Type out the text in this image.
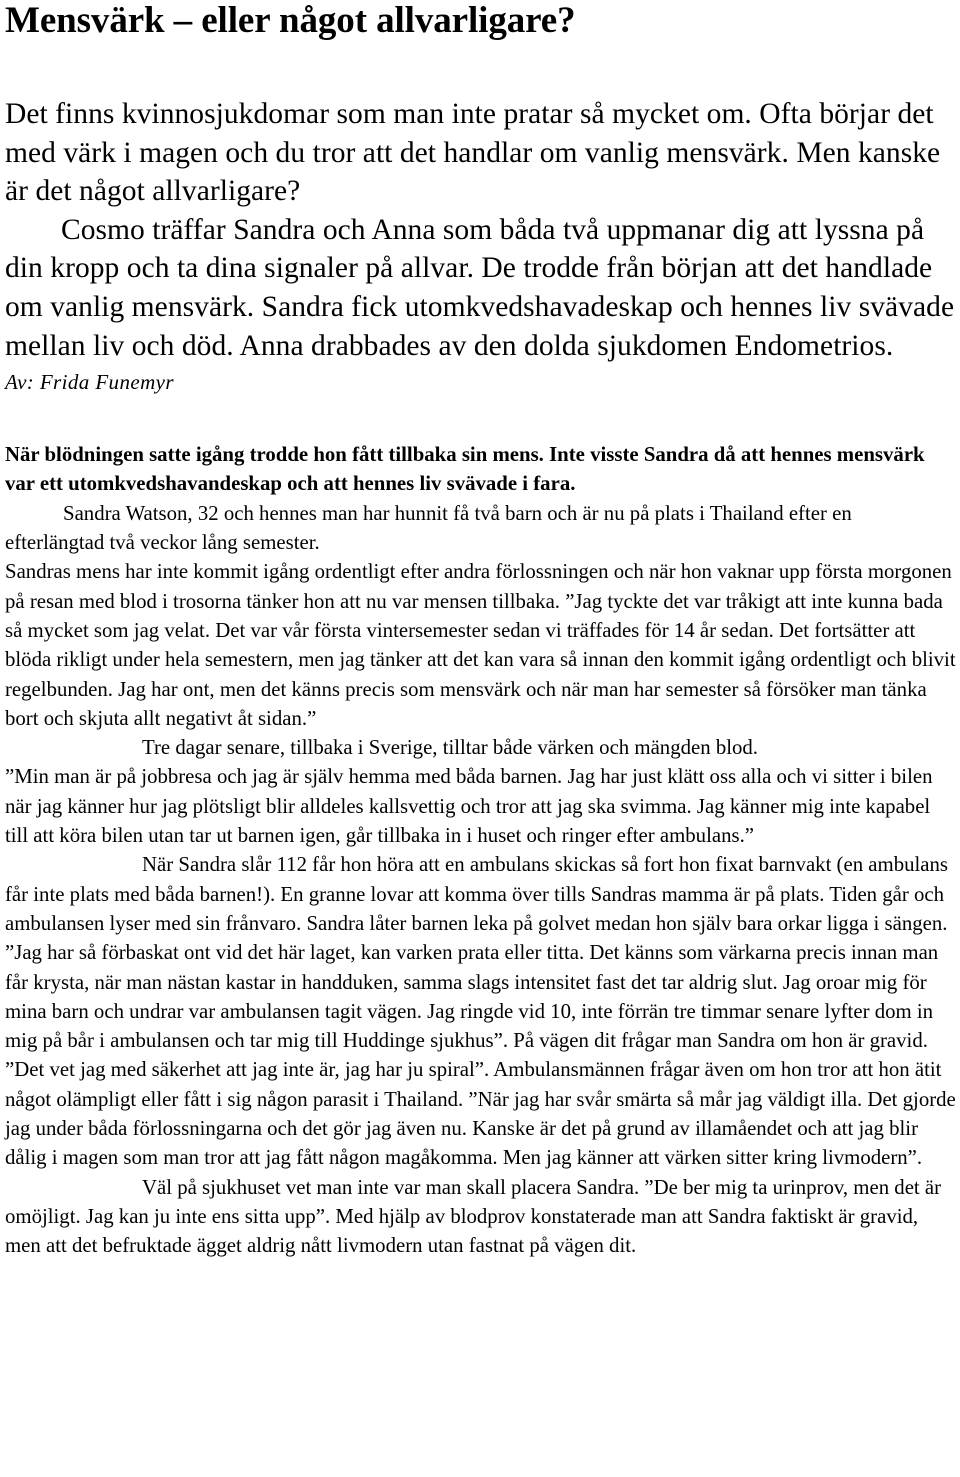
Mensvärk – eller något allvarligare?
Det finns kvinnosjukdomar som man inte pratar så mycket om. Ofta börjar det med värk i magen och du tror att det handlar om vanlig mensvärk. Men kanske är det något allvarligare?
Cosmo träffar Sandra och Anna som båda två uppmanar dig att lyssna på din kropp och ta dina signaler på allvar. De trodde från början att det handlade om vanlig mensvärk. Sandra fick utomkvedshavadeskap och hennes liv svävade mellan liv och död. Anna drabbades av den dolda sjukdomen Endometrios.
Av: Frida Funemyr
När blödningen satte igång trodde hon fått tillbaka sin mens. Inte visste Sandra då att hennes mensvärk var ett utomkvedshavandeskap och att hennes liv svävade i fara.

Sandra Watson, 32 och hennes man har hunnit få två barn och är nu på plats i Thailand efter en efterlängtad två veckor lång semester.

Sandras mens har inte kommit igång ordentligt efter andra förlossningen och när hon vaknar upp första morgonen på resan med blod i trosorna tänker hon att nu var mensen tillbaka. ”Jag tyckte det var tråkigt att inte kunna bada så mycket som jag velat. Det var vår första vintersemester sedan vi träffades för 14 år sedan. Det fortsätter att blöda rikligt under hela semestern, men jag tänker att det kan vara så innan den kommit igång ordentligt och blivit regelbunden. Jag har ont, men det känns precis som mensvärk och när man har semester så försöker man tänka bort och skjuta allt negativt åt sidan.”

Tre dagar senare, tillbaka i Sverige, tilltar både värken och mängden blod.

”Min man är på jobbresa och jag är själv hemma med båda barnen. Jag har just klätt oss alla och vi sitter i bilen när jag känner hur jag plötsligt blir alldeles kallsvettig och tror att jag ska svimma. Jag känner mig inte kapabel till att köra bilen utan tar ut barnen igen, går tillbaka in i huset och ringer efter ambulans.”

När Sandra slår 112 får hon höra att en ambulans skickas så fort hon fixat barnvakt (en ambulans får inte plats med båda barnen!). En granne lovar att komma över tills Sandras mamma är på plats. Tiden går och ambulansen lyser med sin frånvaro. Sandra låter barnen leka på golvet medan hon själv bara orkar ligga i sängen. ”Jag har så förbaskat ont vid det här laget, kan varken prata eller titta. Det känns som värkarna precis innan man får krysta, när man nästan kastar in handduken, samma slags intensitet fast det tar aldrig slut. Jag oroar mig för mina barn och undrar var ambulansen tagit vägen. Jag ringde vid 10, inte förrän tre timmar senare lyfter dom in mig på bår i ambulansen och tar mig till Huddinge sjukhus”. På vägen dit frågar man Sandra om hon är gravid. ”Det vet jag med säkerhet att jag inte är, jag har ju spiral”. Ambulansmännen frågar även om hon tror att hon ätit något olämpligt eller fått i sig någon parasit i Thailand. ”När jag har svår smärta så mår jag väldigt illa. Det gjorde jag under båda förlossningarna och det gör jag även nu. Kanske är det på grund av illamåendet och att jag blir dålig i magen som man tror att jag fått någon magåkomma. Men jag känner att värken sitter kring livmodern”.

Väl på sjukhuset vet man inte var man skall placera Sandra. ”De ber mig ta urinprov, men det är omöjligt. Jag kan ju inte ens sitta upp”. Med hjälp av blodprov konstaterade man att Sandra faktiskt är gravid, men att det befruktade ägget aldrig nått livmodern utan fastnat på vägen dit.
